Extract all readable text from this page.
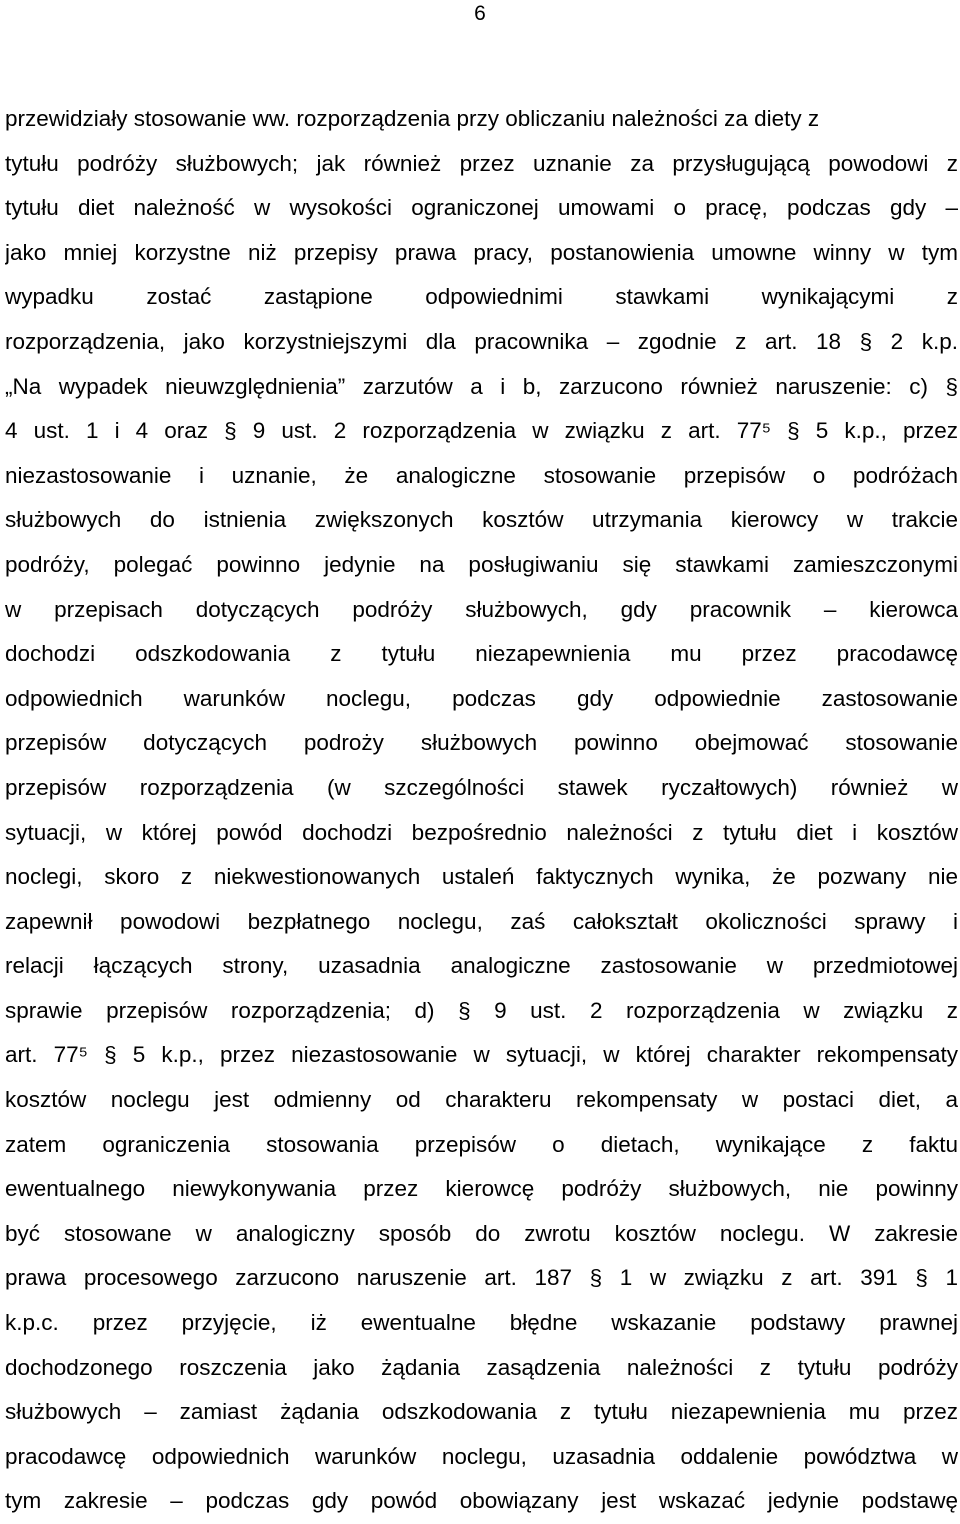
6
przewidziały stosowanie ww. rozporządzenia przy obliczaniu należności za diety z
tytułu podróży służbowych; jak również przez uznanie za przysługującą powodowi z
tytułu diet należność w wysokości ograniczonej umowami o pracę, podczas gdy –
jako mniej korzystne niż przepisy prawa pracy, postanowienia umowne winny w tym
wypadku zostać zastąpione odpowiednimi stawkami wynikającymi z
rozporządzenia, jako korzystniejszymi dla pracownika – zgodnie z art. 18 § 2 k.p.
„Na wypadek nieuwzględnienia” zarzutów a i b, zarzucono również naruszenie: c) §
4 ust. 1 i 4 oraz § 9 ust. 2 rozporządzenia w związku z art. 77⁵ § 5 k.p., przez
niezastosowanie i uznanie, że analogiczne stosowanie przepisów o podróżach
służbowych do istnienia zwiększonych kosztów utrzymania kierowcy w trakcie
podróży, polegać powinno jedynie na posługiwaniu się stawkami zamieszczonymi
w przepisach dotyczących podróży służbowych, gdy pracownik – kierowca
dochodzi odszkodowania z tytułu niezapewnienia mu przez pracodawcę
odpowiednich warunków noclegu, podczas gdy odpowiednie zastosowanie
przepisów dotyczących podroży służbowych powinno obejmować stosowanie
przepisów rozporządzenia (w szczególności stawek ryczałtowych) również w
sytuacji, w której powód dochodzi bezpośrednio należności z tytułu diet i kosztów
noclegi, skoro z niekwestionowanych ustaleń faktycznych wynika, że pozwany nie
zapewnił powodowi bezpłatnego noclegu, zaś całokształt okoliczności sprawy i
relacji łączących strony, uzasadnia analogiczne zastosowanie w przedmiotowej
sprawie przepisów rozporządzenia; d) § 9 ust. 2 rozporządzenia w związku z
art. 77⁵ § 5 k.p., przez niezastosowanie w sytuacji, w której charakter rekompensaty
kosztów noclegu jest odmienny od charakteru rekompensaty w postaci diet, a
zatem ograniczenia stosowania przepisów o dietach, wynikające z faktu
ewentualnego niewykonywania przez kierowcę podróży służbowych, nie powinny
być stosowane w analogiczny sposób do zwrotu kosztów noclegu. W zakresie
prawa procesowego zarzucono naruszenie art. 187 § 1 w związku z art. 391 § 1
k.p.c. przez przyjęcie, iż ewentualne błędne wskazanie podstawy prawnej
dochodzonego roszczenia jako żądania zasądzenia należności z tytułu podróży
służbowych – zamiast żądania odszkodowania z tytułu niezapewnienia mu przez
pracodawcę odpowiednich warunków noclegu, uzasadnia oddalenie powództwa w
tym zakresie – podczas gdy powód obowiązany jest wskazać jedynie podstawę
